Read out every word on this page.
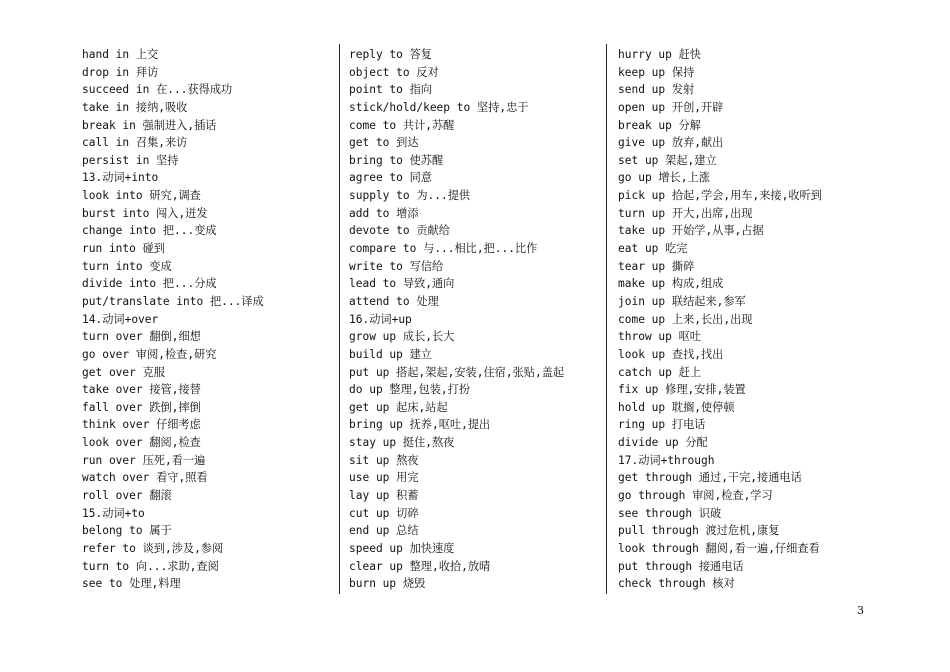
hand in 上交
drop in 拜访
succeed in 在...获得成功
take in 接纳,吸收
break in 强制进入,插话
call in 召集,来访
persist in 坚持
13.动词+into
look into 研究,调查
burst into 闯入,迸发
change into 把...变成
run into 碰到
turn into 变成
divide into 把...分成
put/translate into 把...译成
14.动词+over
turn over 翻倒,细想
go over 审阅,检查,研究
get over 克服
take over 接管,接替
fall over 跌倒,摔倒
think over 仔细考虑
look over 翻阅,检查
run over 压死,看一遍
watch over 看守,照看
roll over 翻滚
15.动词+to
belong to 属于
refer to 谈到,涉及,参阅
turn to 向...求助,查阅
see to 处理,料理
reply to 答复
object to 反对
point to 指向
stick/hold/keep to 坚持,忠于
come to 共计,苏醒
get to 到达
bring to 使苏醒
agree to 同意
supply to 为...提供
add to 增添
devote to 贡献给
compare to 与...相比,把...比作
write to 写信给
lead to 导致,通向
attend to 处理
16.动词+up
grow up 成长,长大
build up 建立
put up 搭起,架起,安装,住宿,张贴,盖起
do up 整理,包装,打扮
get up 起床,站起
bring up 抚养,呕吐,提出
stay up 挺住,熬夜
sit up 熬夜
use up 用完
lay up 积蓄
cut up 切碎
end up 总结
speed up 加快速度
clear up 整理,收拾,放晴
burn up 烧毁
hurry up 赶快
keep up 保持
send up 发射
open up 开创,开辟
break up 分解
give up 放弃,献出
set up 架起,建立
go up 增长,上涨
pick up 拾起,学会,用车,来接,收听到
turn up 开大,出席,出现
take up 开始学,从事,占据
eat up 吃完
tear up 撕碎
make up 构成,组成
join up 联结起来,参军
come up 上来,长出,出现
throw up 呕吐
look up 查找,找出
catch up 赶上
fix up 修理,安排,装置
hold up 耽搁,使停顿
ring up 打电话
divide up 分配
17.动词+through
get through 通过,干完,接通电话
go through 审阅,检查,学习
see through 识破
pull through 渡过危机,康复
look through 翻阅,看一遍,仔细查看
put through 接通电话
check through 核对
3
